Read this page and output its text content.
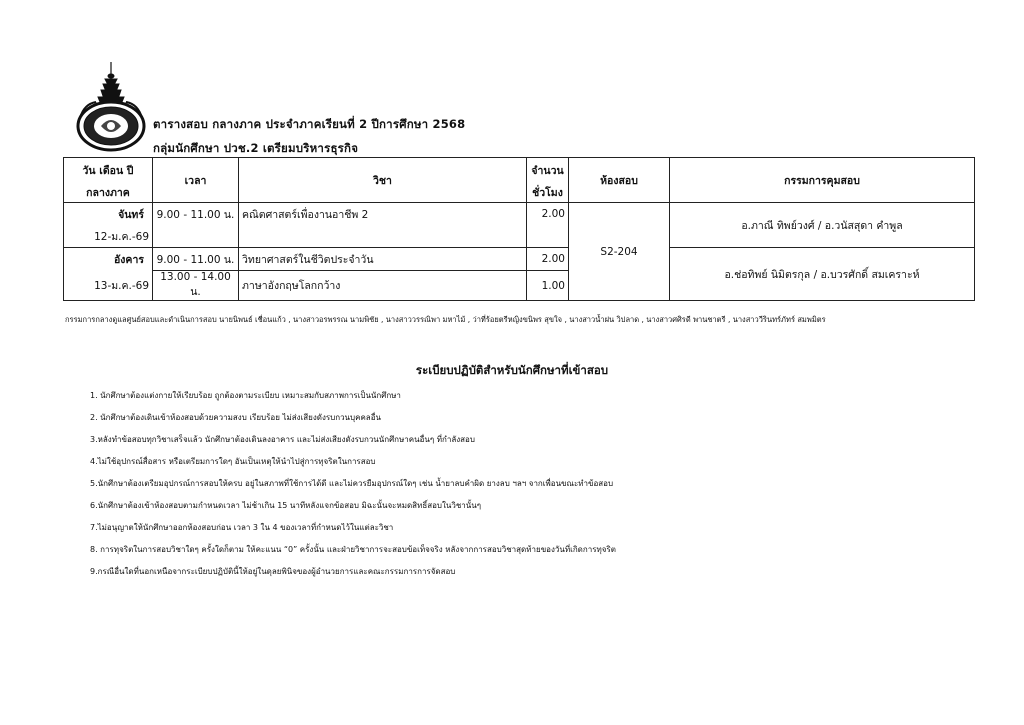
ตารางสอบ กลางภาค ประจำภาคเรียนที่ 2 ปีการศึกษา 2568
กลุ่มนักศึกษา ปวช.2 เตรียมบริหารธุรกิจ
วัน เดือน ปี	เวลา	วิชา	จำนวน	ห้องสอบ	กรรมการคุมสอบ
กลางภาค			ชั่วโมง		
จันทร์	9.00 - 11.00 น.	คณิตศาสตร์เพื่องานอาชีพ 2	2.00	S2-204	อ.ภาณี ทิพย์วงศ์ / อ.วนัสสุดา คำพูล
12-ม.ค.-69					
อังคาร	9.00 - 11.00 น.	วิทยาศาสตร์ในชีวิตประจำวัน	2.00		อ.ช่อทิพย์ นิมิตรกุล / อ.บวรศักดิ์ สมเคราะห์
13-ม.ค.-69	13.00 - 14.00 น.	ภาษาอังกฤษโลกกว้าง	1.00		
กรรมการกลางดูแลศูนย์สอบและดำเนินการสอบ นายนิพนธ์ เชื่อนแก้ว , นางสาวอรพรรณ นามพิชัย , นางสาววรรณิพา มหาไม้ , ว่าที่ร้อยตรีหญิงขนิพร สุขใจ , นางสาวน้ำฝน วิปลาด , นางสาวศศิรดี พานชาตรี , นางสาววีรินทร์ภัทร์ สมพมิตร
ระเบียบปฏิบัติสำหรับนักศึกษาที่เข้าสอบ
1. นักศึกษาต้องแต่งกายให้เรียบร้อย ถูกต้องตามระเบียบ เหมาะสมกับสภาพการเป็นนักศึกษา
2. นักศึกษาต้องเดินเข้าห้องสอบด้วยความสงบ เรียบร้อย ไม่ส่งเสียงดังรบกวนบุคคลอื่น
3.หลังทำข้อสอบทุกวิชาเสร็จแล้ว นักศึกษาต้องเดินลงอาคาร และไม่ส่งเสียงดังรบกวนนักศึกษาคนอื่นๆ ที่กำลังสอบ
4.ไม่ใช้อุปกรณ์สื่อสาร หรือเตรียมการใดๆ อันเป็นเหตุให้นำไปสู่การทุจริตในการสอบ
5.นักศึกษาต้องเตรียมอุปกรณ์การสอบให้ครบ อยู่ในสภาพที่ใช้การได้ดี และไม่ควรยืมอุปกรณ์ใดๆ เช่น น้ำยาลบคำผิด ยางลบ ฯลฯ จากเพื่อนขณะทำข้อสอบ
6.นักศึกษาต้องเข้าห้องสอบตามกำหนดเวลา ไม่ช้าเกิน 15 นาทีหลังแจกข้อสอบ มิฉะนั้นจะหมดสิทธิ์สอบในวิชานั้นๆ
7.ไม่อนุญาตให้นักศึกษาออกห้องสอบก่อน เวลา 3 ใน 4 ของเวลาที่กำหนดไว้ในแต่ละวิชา
8. การทุจริตในการสอบวิชาใดๆ ครั้งใดก็ตาม ให้คะแนน “0” ครั้งนั้น และฝ่ายวิชาการจะสอบข้อเท็จจริง หลังจากการสอบวิชาสุดท้ายของวันที่เกิดการทุจริต
9.กรณีอื่นใดที่นอกเหนือจากระเบียบปฏิบัตินี้ให้อยู่ในดุลยพินิจของผู้อำนวยการและคณะกรรมการการจัดสอบ
